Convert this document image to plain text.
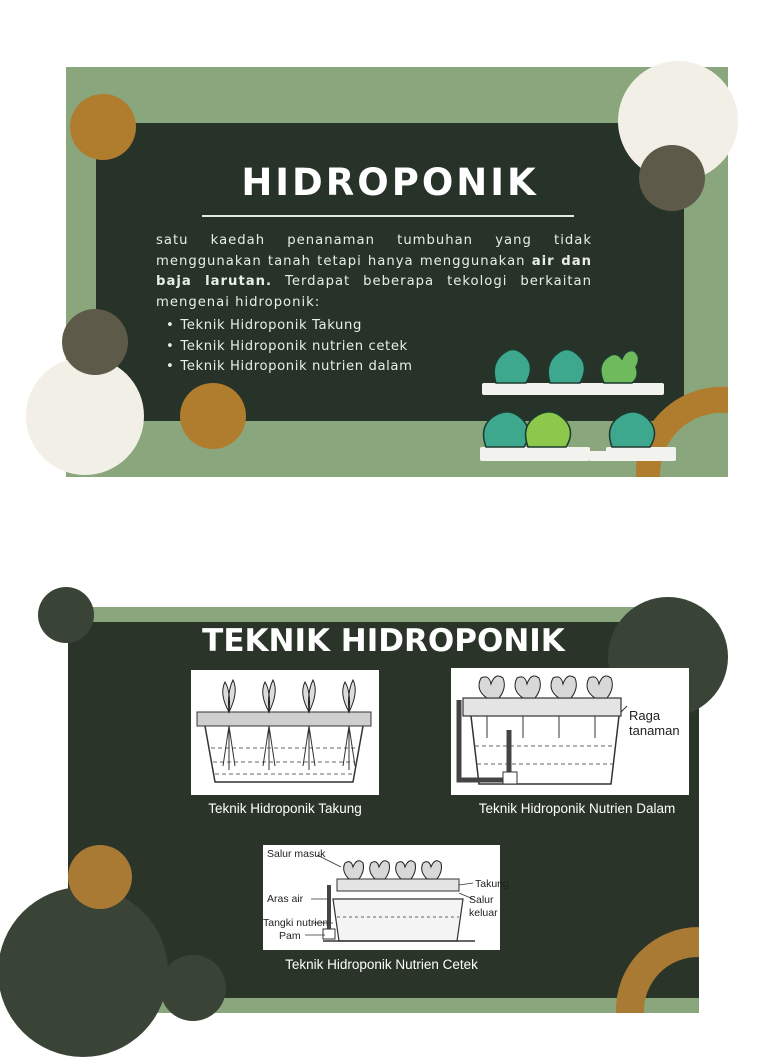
HIDROPONIK
satu kaedah penanaman tumbuhan yang tidak menggunakan tanah tetapi hanya menggunakan air dan baja larutan. Terdapat beberapa tekologi berkaitan mengenai hidroponik:
• Teknik Hidroponik Takung
• Teknik Hidroponik nutrien cetek
• Teknik Hidroponik nutrien dalam
TEKNIK HIDROPONIK
Teknik Hidroponik Takung
Raga
tanaman
Teknik Hidroponik Nutrien Dalam
Salur masuk
Aras air
Tangki nutrien
Pam
Takung
Salur
keluar
Teknik Hidroponik Nutrien Cetek
